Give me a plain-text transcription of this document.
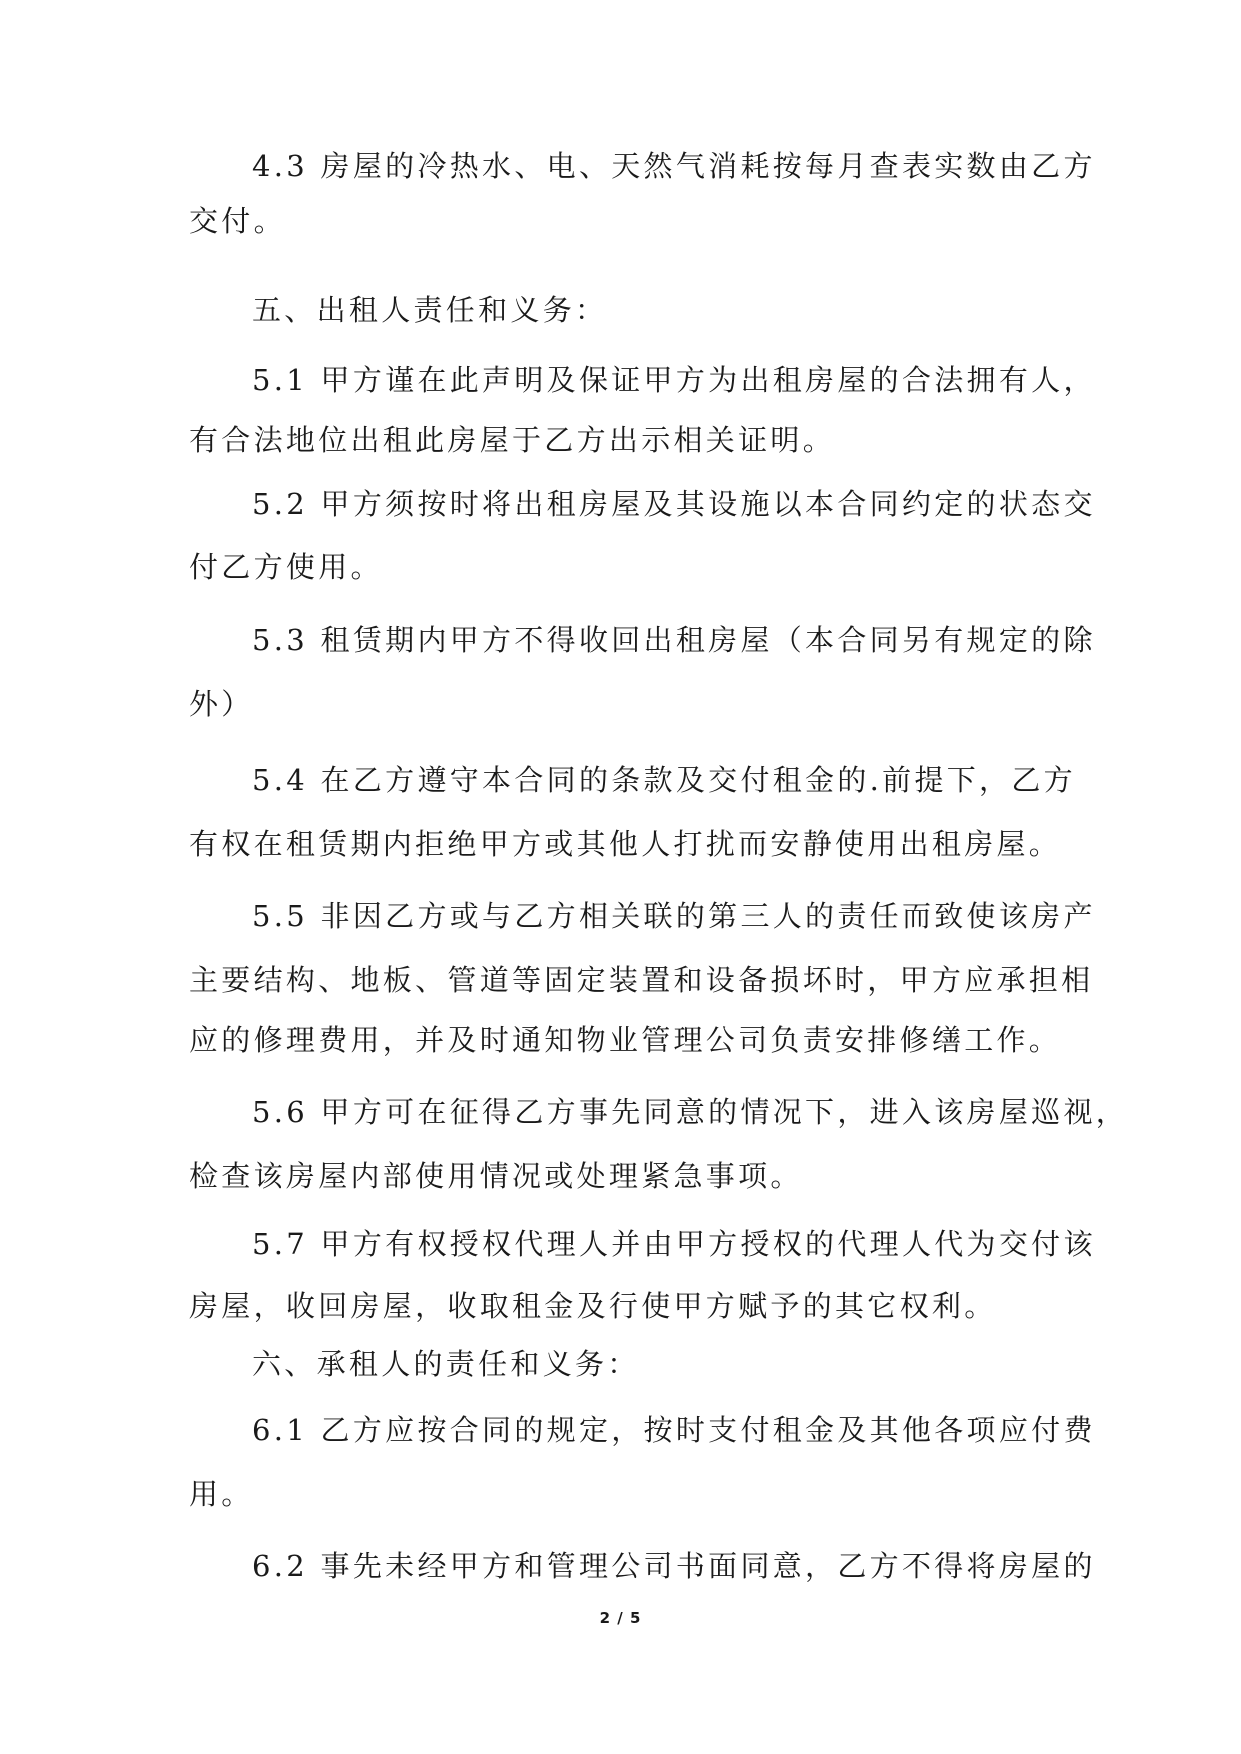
4.3 房屋的冷热水、电、天然气消耗按每月查表实数由乙方
交付。
五、出租人责任和义务：
5.1 甲方谨在此声明及保证甲方为出租房屋的合法拥有人，
有合法地位出租此房屋于乙方出示相关证明。
5.2 甲方须按时将出租房屋及其设施以本合同约定的状态交
付乙方使用。
5.3 租赁期内甲方不得收回出租房屋（本合同另有规定的除
外）
5.4 在乙方遵守本合同的条款及交付租金的.前提下，乙方
有权在租赁期内拒绝甲方或其他人打扰而安静使用出租房屋。
5.5 非因乙方或与乙方相关联的第三人的责任而致使该房产
主要结构、地板、管道等固定装置和设备损坏时，甲方应承担相
应的修理费用，并及时通知物业管理公司负责安排修缮工作。
5.6 甲方可在征得乙方事先同意的情况下，进入该房屋巡视，
检查该房屋内部使用情况或处理紧急事项。
5.7 甲方有权授权代理人并由甲方授权的代理人代为交付该
房屋，收回房屋，收取租金及行使甲方赋予的其它权利。
六、承租人的责任和义务：
6.1 乙方应按合同的规定，按时支付租金及其他各项应付费
用。
6.2 事先未经甲方和管理公司书面同意，乙方不得将房屋的
2 / 5
